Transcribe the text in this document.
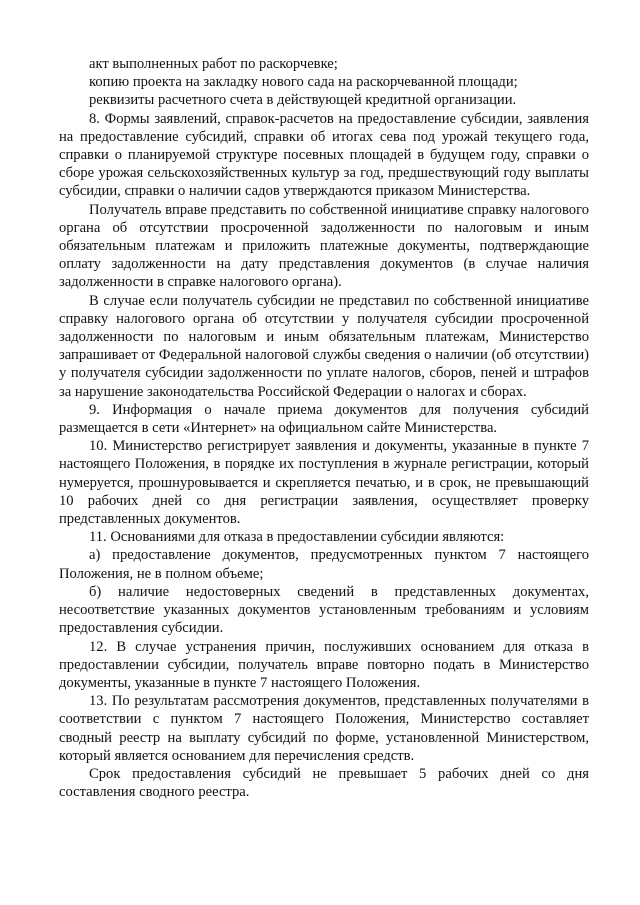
акт выполненных работ по раскорчевке;

копию проекта на закладку нового сада на раскорчеванной площади;

реквизиты расчетного счета в действующей кредитной организации.

8. Формы заявлений, справок-расчетов на предоставление субсидии, заявления на предоставление субсидий, справки об итогах сева под урожай текущего года, справки о планируемой структуре посевных площадей в будущем году, справки о сборе урожая сельскохозяйственных культур за год, предшествующий году выплаты субсидии, справки о наличии садов утверждаются приказом Министерства.

Получатель вправе представить по собственной инициативе справку налогового органа об отсутствии просроченной задолженности по налоговым и иным обязательным платежам и приложить платежные документы, подтверждающие оплату задолженности на дату представления документов (в случае наличия задолженности в справке налогового органа).

В случае если получатель субсидии не представил по собственной инициативе справку налогового органа об отсутствии у получателя субсидии просроченной задолженности по налоговым и иным обязательным платежам, Министерство запрашивает от Федеральной налоговой службы сведения о наличии (об отсутствии) у получателя субсидии задолженности по уплате налогов, сборов, пеней и штрафов за нарушение законодательства Российской Федерации о налогах и сборах.

9. Информация о начале приема документов для получения субсидий размещается в сети «Интернет» на официальном сайте Министерства.

10. Министерство регистрирует заявления и документы, указанные в пункте 7 настоящего Положения, в порядке их поступления в журнале регистрации, который нумеруется, прошнуровывается и скрепляется печатью, и в срок, не превышающий 10 рабочих дней со дня регистрации заявления, осуществляет проверку представленных документов.

11. Основаниями для отказа в предоставлении субсидии являются:

а) предоставление документов, предусмотренных пунктом 7 настоящего Положения, не в полном объеме;

б) наличие недостоверных сведений в представленных документах, несоответствие указанных документов установленным требованиям и условиям предоставления субсидии.

12. В случае устранения причин, послуживших основанием для отказа в предоставлении субсидии, получатель вправе повторно подать в Министерство документы, указанные в пункте 7 настоящего Положения.

13. По результатам рассмотрения документов, представленных получателями в соответствии с пунктом 7 настоящего Положения, Министерство составляет сводный реестр на выплату субсидий по форме, установленной Министерством, который является основанием для перечисления средств.

Срок предоставления субсидий не превышает 5 рабочих дней со дня составления сводного реестра.
